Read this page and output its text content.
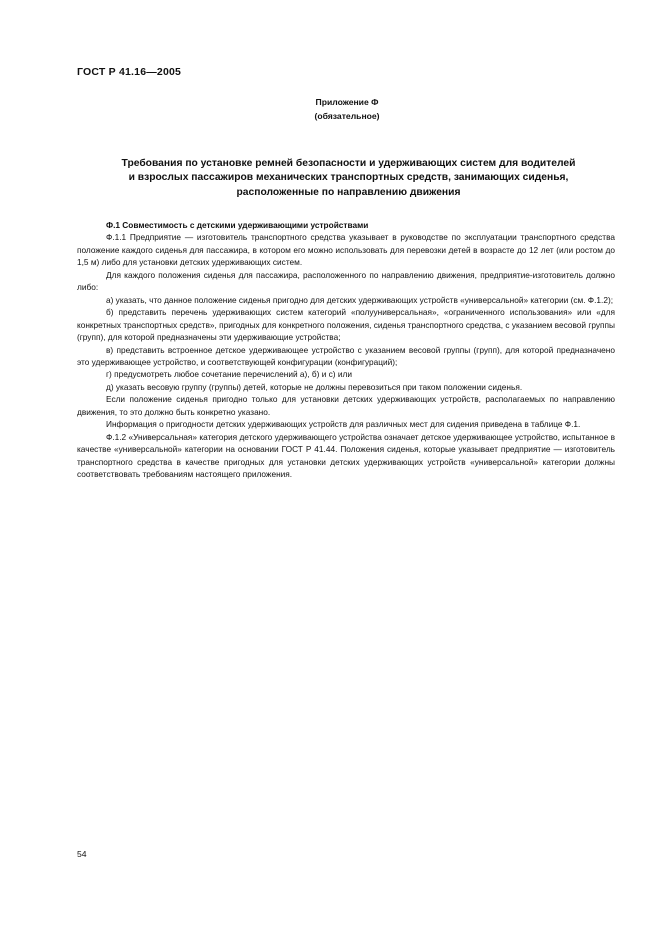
ГОСТ Р 41.16—2005
Приложение Ф
(обязательное)
Требования по установке ремней безопасности и удерживающих систем для водителей
и взрослых пассажиров механических транспортных средств, занимающих сиденья,
расположенные по направлению движения

Ф.1 Совместимость с детскими удерживающими устройствами

Ф.1.1 Предприятие — изготовитель транспортного средства указывает в руководстве по эксплуатации транспортного средства положение каждого сиденья для пассажира, в котором его можно использовать для перевозки детей в возрасте до 12 лет (или ростом до 1,5 м) либо для установки детских удерживающих систем.

Для каждого положения сиденья для пассажира, расположенного по направлению движения, предприятие-изготовитель должно либо:

а) указать, что данное положение сиденья пригодно для детских удерживающих устройств «универсальной» категории (см. Ф.1.2);

б) представить перечень удерживающих систем категорий «полууниверсальная», «ограниченного использования» или «для конкретных транспортных средств», пригодных для конкретного положения, сиденья транспортного средства, с указанием весовой группы (групп), для которой предназначены эти удерживающие устройства;

в) представить встроенное детское удерживающее устройство с указанием весовой группы (групп), для которой предназначено это удерживающее устройство, и соответствующей конфигурации (конфигураций);

г) предусмотреть любое сочетание перечислений а), б) и с) или

д) указать весовую группу (группы) детей, которые не должны перевозиться при таком положении сиденья.

Если положение сиденья пригодно только для установки детских удерживающих устройств, располагаемых по направлению движения, то это должно быть конкретно указано.

Информация о пригодности детских удерживающих устройств для различных мест для сидения приведена в таблице Ф.1.

Ф.1.2 «Универсальная» категория детского удерживающего устройства означает детское удерживающее устройство, испытанное в качестве «универсальной» категории на основании ГОСТ Р 41.44. Положения сиденья, которые указывает предприятие — изготовитель транспортного средства в качестве пригодных для установки детских удерживающих устройств «универсальной» категории должны соответствовать требованиям настоящего приложения.

54
